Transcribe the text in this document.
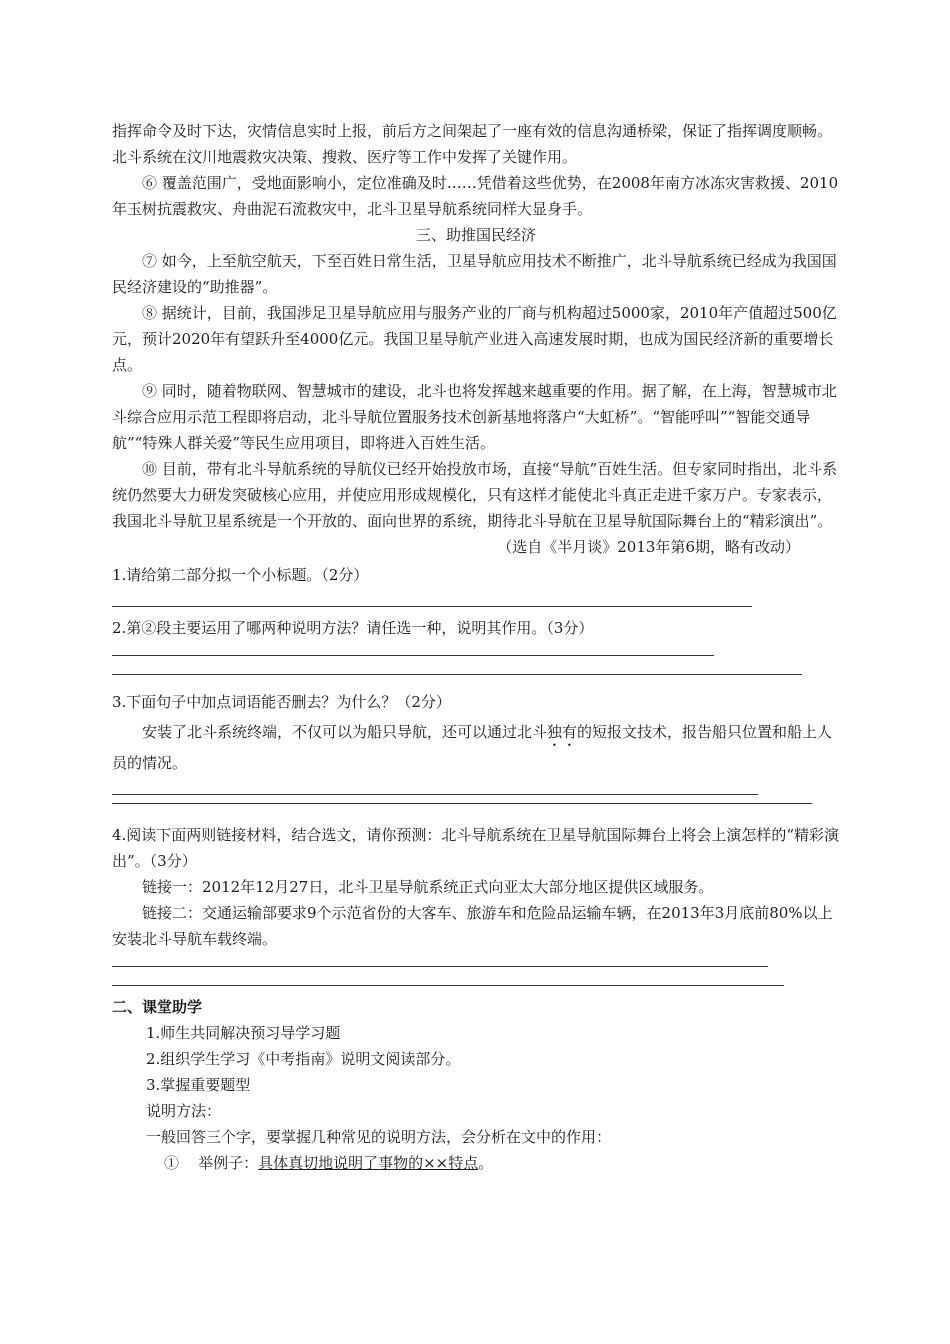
指挥命令及时下达，灾情信息实时上报，前后方之间架起了一座有效的信息沟通桥梁，保证了指挥调度顺畅。北斗系统在汶川地震救灾决策、搜救、医疗等工作中发挥了关键作用。

⑥ 覆盖范围广，受地面影响小，定位准确及时……凭借着这些优势，在2008年南方冰冻灾害救援、2010年玉树抗震救灾、舟曲泥石流救灾中，北斗卫星导航系统同样大显身手。

三、助推国民经济

⑦ 如今，上至航空航天，下至百姓日常生活，卫星导航应用技术不断推广，北斗导航系统已经成为我国国民经济建设的“助推器”。

⑧ 据统计，目前，我国涉足卫星导航应用与服务产业的厂商与机构超过5000家，2010年产值超过500亿元，预计2020年有望跃升至4000亿元。我国卫星导航产业进入高速发展时期，也成为国民经济新的重要增长点。

⑨ 同时，随着物联网、智慧城市的建设，北斗也将发挥越来越重要的作用。据了解，在上海，智慧城市北斗综合应用示范工程即将启动，北斗导航位置服务技术创新基地将落户“大虹桥”。“智能呼叫”“智能交通导航”“特殊人群关爱”等民生应用项目，即将进入百姓生活。

⑩ 目前，带有北斗导航系统的导航仪已经开始投放市场，直接“导航”百姓生活。但专家同时指出，北斗系统仍然要大力研发突破核心应用，并使应用形成规模化，只有这样才能使北斗真正走进千家万户。专家表示，我国北斗导航卫星系统是一个开放的、面向世界的系统，期待北斗导航在卫星导航国际舞台上的“精彩演出”。

（选自《半月谈》2013年第6期，略有改动）

1.请给第二部分拟一个小标题。（2分）

2.第②段主要运用了哪两种说明方法？请任选一种，说明其作用。（3分）

3.下面句子中加点词语能否删去？为什么？（2分）

安装了北斗系统终端，不仅可以为船只导航，还可以通过北斗独有的短报文技术，报告船只位置和船上人员的情况。

4.阅读下面两则链接材料，结合选文，请你预测：北斗导航系统在卫星导航国际舞台上将会上演怎样的“精彩演出”。（3分）

链接一：2012年12月27日，北斗卫星导航系统正式向亚太大部分地区提供区域服务。

链接二：交通运输部要求9个示范省份的大客车、旅游车和危险品运输车辆，在2013年3月底前80%以上安装北斗导航车载终端。

二、课堂助学

1.师生共同解决预习导学习题

2.组织学生学习《中考指南》说明文阅读部分。

3.掌握重要题型

说明方法：

一般回答三个字，要掌握几种常见的说明方法，会分析在文中的作用：

① 举例子：具体真切地说明了事物的××特点。
